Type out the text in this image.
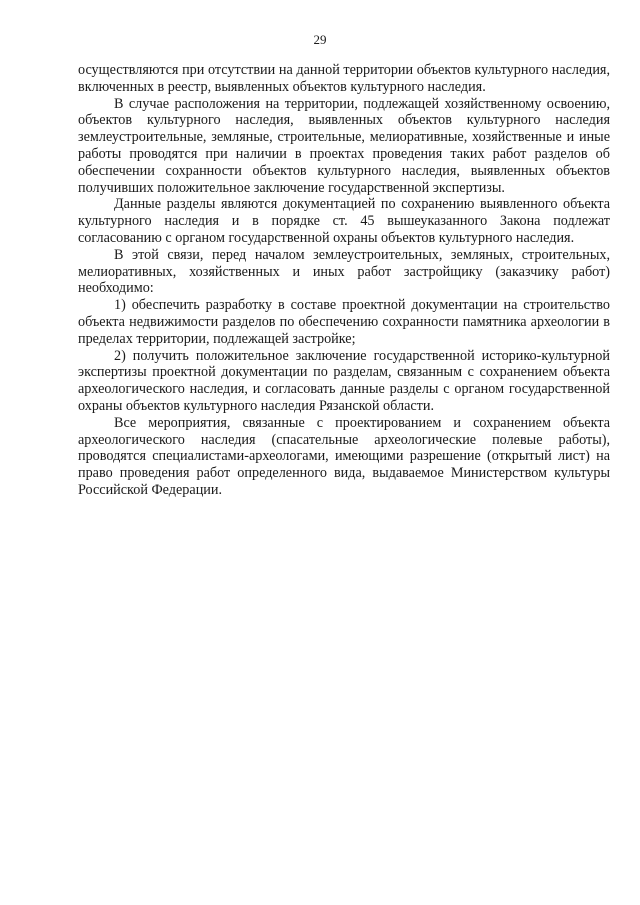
29

осуществляются при отсутствии на данной территории объектов культурного наследия, включенных в реестр, выявленных объектов культурного наследия.

В случае расположения на территории, подлежащей хозяйственному освоению, объектов культурного наследия, выявленных объектов культурного наследия землеустроительные, земляные, строительные, мелиоративные, хозяйственные и иные работы проводятся при наличии в проектах проведения таких работ разделов об обеспечении сохранности объектов культурного наследия, выявленных объектов получивших положительное заключение государственной экспертизы.

Данные разделы являются документацией по сохранению выявленного объекта культурного наследия и в порядке ст. 45 вышеуказанного Закона подлежат согласованию с органом государственной охраны объектов культурного наследия.

В этой связи, перед началом землеустроительных, земляных, строительных, мелиоративных, хозяйственных и иных работ застройщику (заказчику работ) необходимо:

1) обеспечить разработку в составе проектной документации на строительство объекта недвижимости разделов по обеспечению сохранности памятника археологии в пределах территории, подлежащей застройке;

2) получить положительное заключение государственной историко-культурной экспертизы проектной документации по разделам, связанным с сохранением объекта археологического наследия, и согласовать данные разделы с органом государственной охраны объектов культурного наследия Рязанской области.

Все мероприятия, связанные с проектированием и сохранением объекта археологического наследия (спасательные археологические полевые работы), проводятся специалистами-археологами, имеющими разрешение (открытый лист) на право проведения работ определенного вида, выдаваемое Министерством культуры Российской Федерации.
